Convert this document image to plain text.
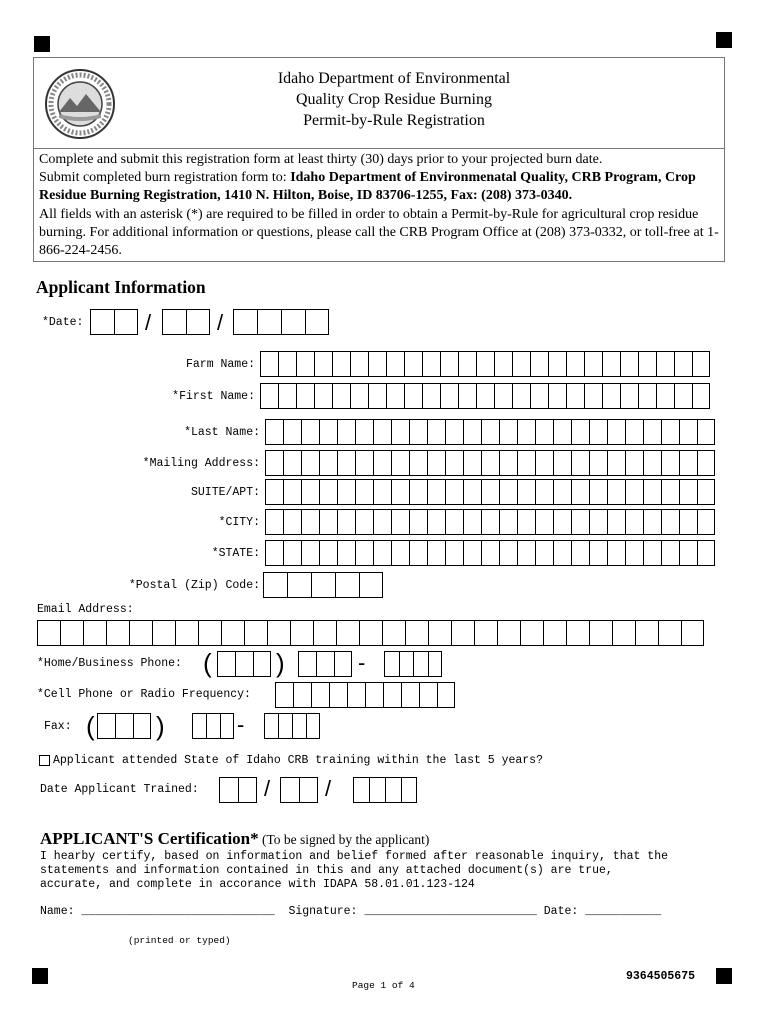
Idaho Department of Environmental
Quality Crop Residue Burning
Permit-by-Rule Registration
Complete and submit this registration form at least thirty (30) days prior to your projected burn date.
Submit completed burn registration form to: Idaho Department of Environmenatal Quality, CRB Program, Crop Residue Burning Registration, 1410 N. Hilton, Boise, ID 83706-1255, Fax: (208) 373-0340.
All fields with an asterisk (*) are required to be filled in order to obtain a Permit-by-Rule for agricultural crop residue burning. For additional information or questions, please call the CRB Program Office at (208) 373-0332, or toll-free at 1-866-224-2456.
Applicant Information
*Date:	/	/
Farm Name:
*First Name:
*Last Name:
*Mailing Address:
SUITE/APT:
*CITY:
*STATE:
*Postal (Zip) Code:
Email Address:
*Home/Business Phone: ( )	-
*Cell Phone or Radio Frequency:
Fax: ( )	-
Applicant attended State of Idaho CRB training within the last 5 years?
Date Applicant Trained:	/ /
APPLICANT'S Certification* (To be signed by the applicant)
I hearby certify, based on information and belief formed after reasonable inquiry, that the
statements and information contained in this and any attached document(s) are true,
accurate, and complete in accorance with IDAPA 58.01.01.123-124
Name: ____________________________  Signature: _________________________ Date: ___________
(printed or typed)
Page 1 of 4
9364505675
